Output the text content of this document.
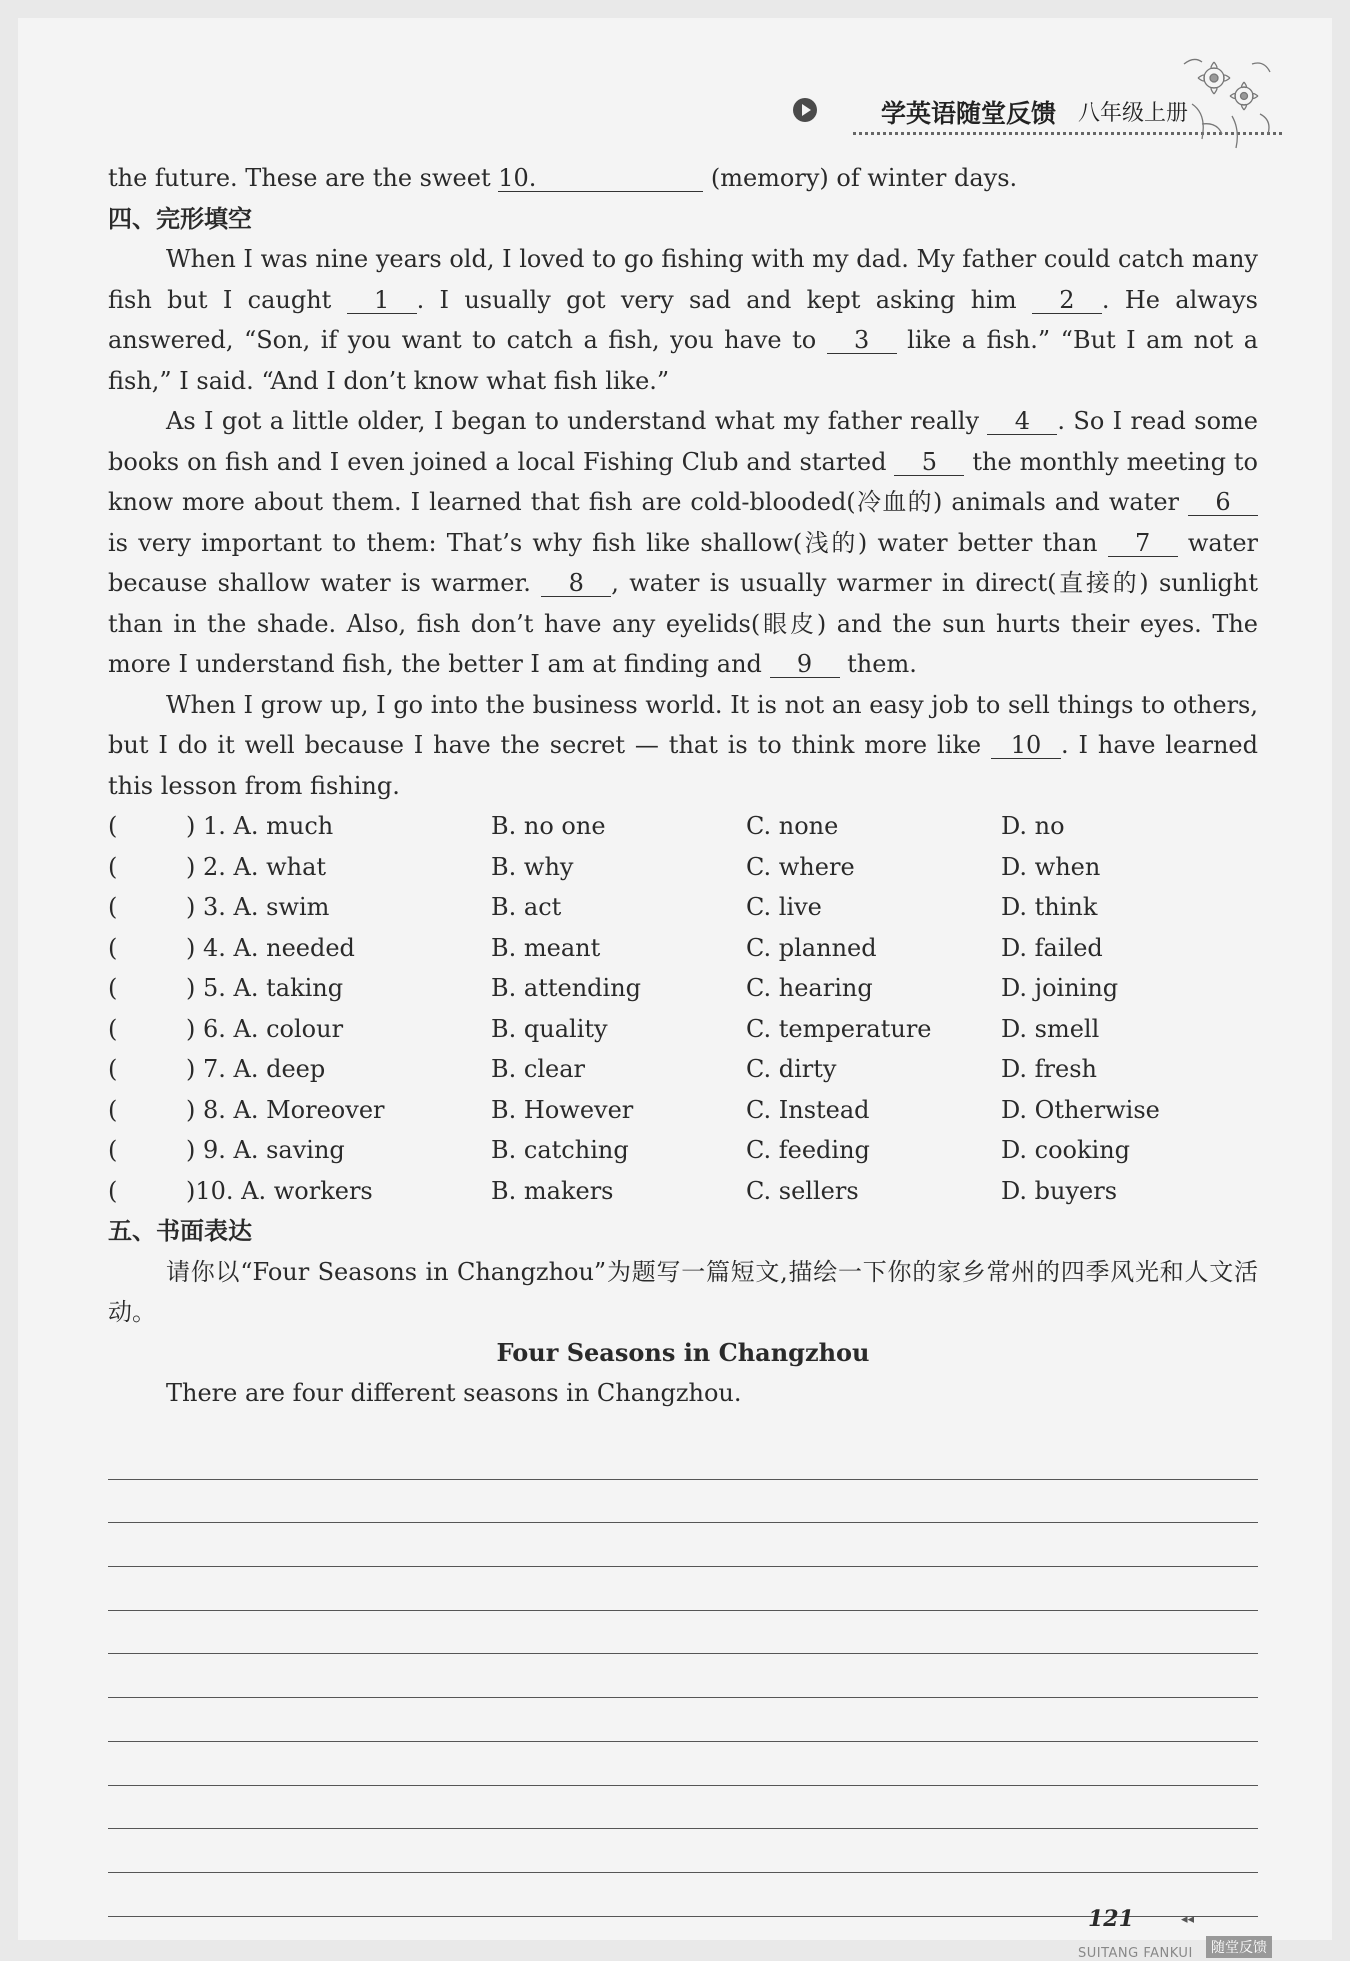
学英语随堂反馈 八年级上册

the future. These are the sweet 10.	(memory) of winter days.

四、完形填空

When I was nine years old, I loved to go fishing with my dad. My father could catch many fish but I caught 1 . I usually got very sad and kept asking him 2 . He always answered, “Son, if you want to catch a fish, you have to 3 like a fish.” “But I am not a fish,” I said. “And I don’t know what fish like.”

As I got a little older, I began to understand what my father really 4 . So I read some books on fish and I even joined a local Fishing Club and started 5 the monthly meeting to know more about them. I learned that fish are cold-blooded(冷血的) animals and water 6 is very important to them: That’s why fish like shallow(浅的) water better than 7 water because shallow water is warmer. 8 , water is usually warmer in direct(直接的) sunlight than in the shade. Also, fish don’t have any eyelids(眼皮) and the sun hurts their eyes. The more I understand fish, the better I am at finding and 9 them.

When I grow up, I go into the business world. It is not an easy job to sell things to others, but I do it well because I have the secret — that is to think more like 10 . I have learned this lesson from fishing.

(	) 1. A. much	B. no one	C. none	D. no
(	) 2. A. what	B. why	C. where	D. when
(	) 3. A. swim	B. act	C. live	D. think
(	) 4. A. needed	B. meant	C. planned	D. failed
(	) 5. A. taking	B. attending	C. hearing	D. joining
(	) 6. A. colour	B. quality	C. temperature	D. smell
(	) 7. A. deep	B. clear	C. dirty	D. fresh
(	) 8. A. Moreover	B. However	C. Instead	D. Otherwise
(	) 9. A. saving	B. catching	C. feeding	D. cooking
(	)10. A. workers	B. makers	C. sellers	D. buyers

五、书面表达

请你以“Four Seasons in Changzhou”为题写一篇短文,描绘一下你的家乡常州的四季风光和人文活动。

Four Seasons in Changzhou

There are four different seasons in Changzhou.

121	◂◂
SUITANG FANKUI	随堂反馈
